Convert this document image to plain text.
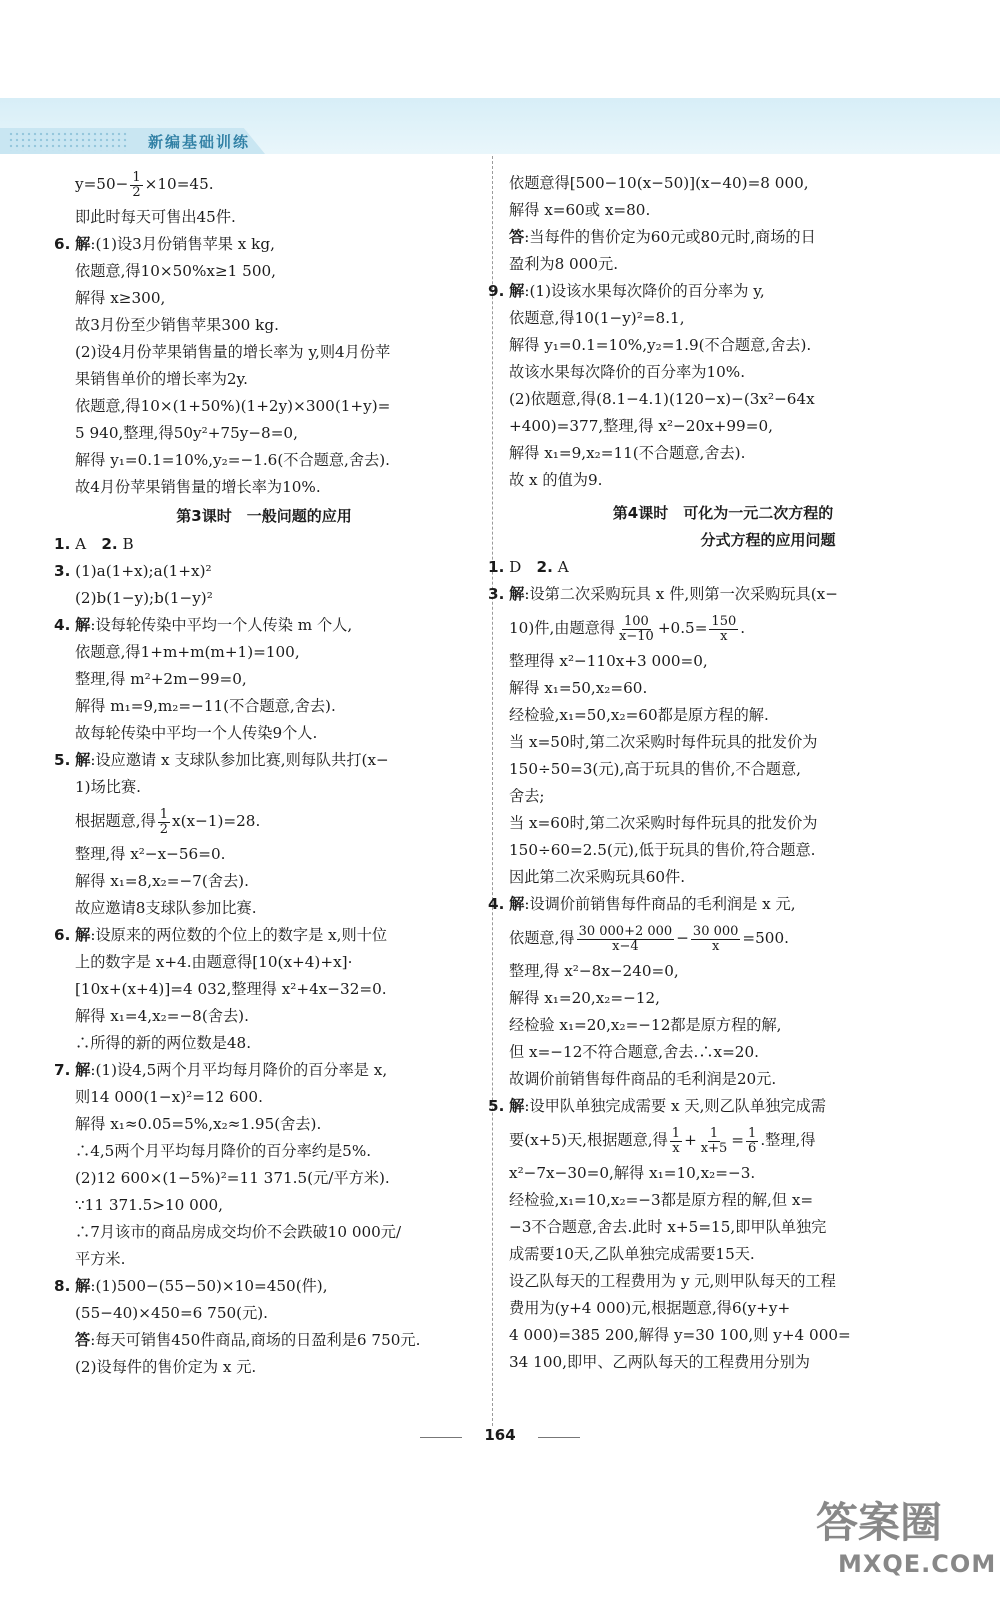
新编基础训练
$y=50- \frac{1}{2} \times 10=45$.
即此时每天可售出45件.
6. 解:(1)设3月份销售苹果 x kg,
依题意,得10×50%x≥1 500,
解得 x≥300,
故3月份至少销售苹果300 kg.
(2)设4月份苹果销售量的增长率为 y,则4月份苹
果销售单价的增长率为2y.
依题意,得10×(1+50%)(1+2y)×300(1+y)=
5 940,整理,得50y²+75y−8=0,
解得 y₁=0.1=10%,y₂=−1.6(不合题意,舍去).
故4月份苹果销售量的增长率为10%.
第3课时　一般问题的应用
1. A　2. B
3. (1)a(1+x);a(1+x)²
(2)b(1−y);b(1−y)²
4. 解:设每轮传染中平均一个人传染 m 个人,
依题意,得1+m+m(m+1)=100,
整理,得 m²+2m−99=0,
解得 m₁=9,m₂=−11(不合题意,舍去).
故每轮传染中平均一个人传染9个人.
5. 解:设应邀请 x 支球队参加比赛,则每队共打(x−
1)场比赛.
根据题意,得 $\frac{1}{2} x(x-1)=28$.
整理,得 x²−x−56=0.
解得 x₁=8,x₂=−7(舍去).
故应邀请8支球队参加比赛.
6. 解:设原来的两位数的个位上的数字是 x,则十位
上的数字是 x+4.由题意得[10(x+4)+x]·
[10x+(x+4)]=4 032,整理得 x²+4x−32=0.
解得 x₁=4,x₂=−8(舍去).
∴所得的新的两位数是48.
7. 解:(1)设4,5两个月平均每月降价的百分率是 x,
则14 000(1−x)²=12 600.
解得 x₁≈0.05=5%,x₂≈1.95(舍去).
∴4,5两个月平均每月降价的百分率约是5%.
(2)12 600×(1−5%)²=11 371.5(元/平方米).
∵11 371.5>10 000,
∴7月该市的商品房成交均价不会跌破10 000元/
平方米.
8. 解:(1)500−(55−50)×10=450(件),
(55−40)×450=6 750(元).
答:每天可销售450件商品,商场的日盈利是6 750元.
(2)设每件的售价定为 x 元.
依题意得[500−10(x−50)](x−40)=8 000,
解得 x=60或 x=80.
答:当每件的售价定为60元或80元时,商场的日
盈利为8 000元.
9. 解:(1)设该水果每次降价的百分率为 y,
依题意,得10(1−y)²=8.1,
解得 y₁=0.1=10%,y₂=1.9(不合题意,舍去).
故该水果每次降价的百分率为10%.
(2)依题意,得(8.1−4.1)(120−x)−(3x²−64x
+400)=377,整理,得 x²−20x+99=0,
解得 x₁=9,x₂=11(不合题意,舍去).
故 x 的值为9.
第4课时　可化为一元二次方程的
分式方程的应用问题
1. D　2. A
3. 解:设第二次采购玩具 x 件,则第一次采购玩具(x−
10)件,由题意得 $\frac{100}{x-10} +0.5= \frac{150}{x}$ .
整理得 x²−110x+3 000=0,
解得 x₁=50,x₂=60.
经检验,x₁=50,x₂=60都是原方程的解.
当 x=50时,第二次采购时每件玩具的批发价为
150÷50=3(元),高于玩具的售价,不合题意,
舍去;
当 x=60时,第二次采购时每件玩具的批发价为
150÷60=2.5(元),低于玩具的售价,符合题意.
因此第二次采购玩具60件.
4. 解:设调价前销售每件商品的毛利润是 x 元,
依题意,得 $\frac{30 000+2 000}{x-4} - \frac{30 000}{x} =500$.
整理,得 x²−8x−240=0,
解得 x₁=20,x₂=−12,
经检验 x₁=20,x₂=−12都是原方程的解,
但 x=−12不符合题意,舍去.∴x=20.
故调价前销售每件商品的毛利润是20元.
5. 解:设甲队单独完成需要 x 天,则乙队单独完成需
要(x+5)天,根据题意,得 $\frac{1}{x} + \frac{1}{x+5} = \frac{1}{6}$ .整理,得
x²−7x−30=0,解得 x₁=10,x₂=−3.
经检验,x₁=10,x₂=−3都是原方程的解,但 x=
−3不合题意,舍去.此时 x+5=15,即甲队单独完
成需要10天,乙队单独完成需要15天.
设乙队每天的工程费用为 y 元,则甲队每天的工程
费用为(y+4 000)元,根据题意,得6(y+y+
4 000)=385 200,解得 y=30 100,则 y+4 000=
34 100,即甲、乙两队每天的工程费用分别为
164
答案圈
MXQE.COM
